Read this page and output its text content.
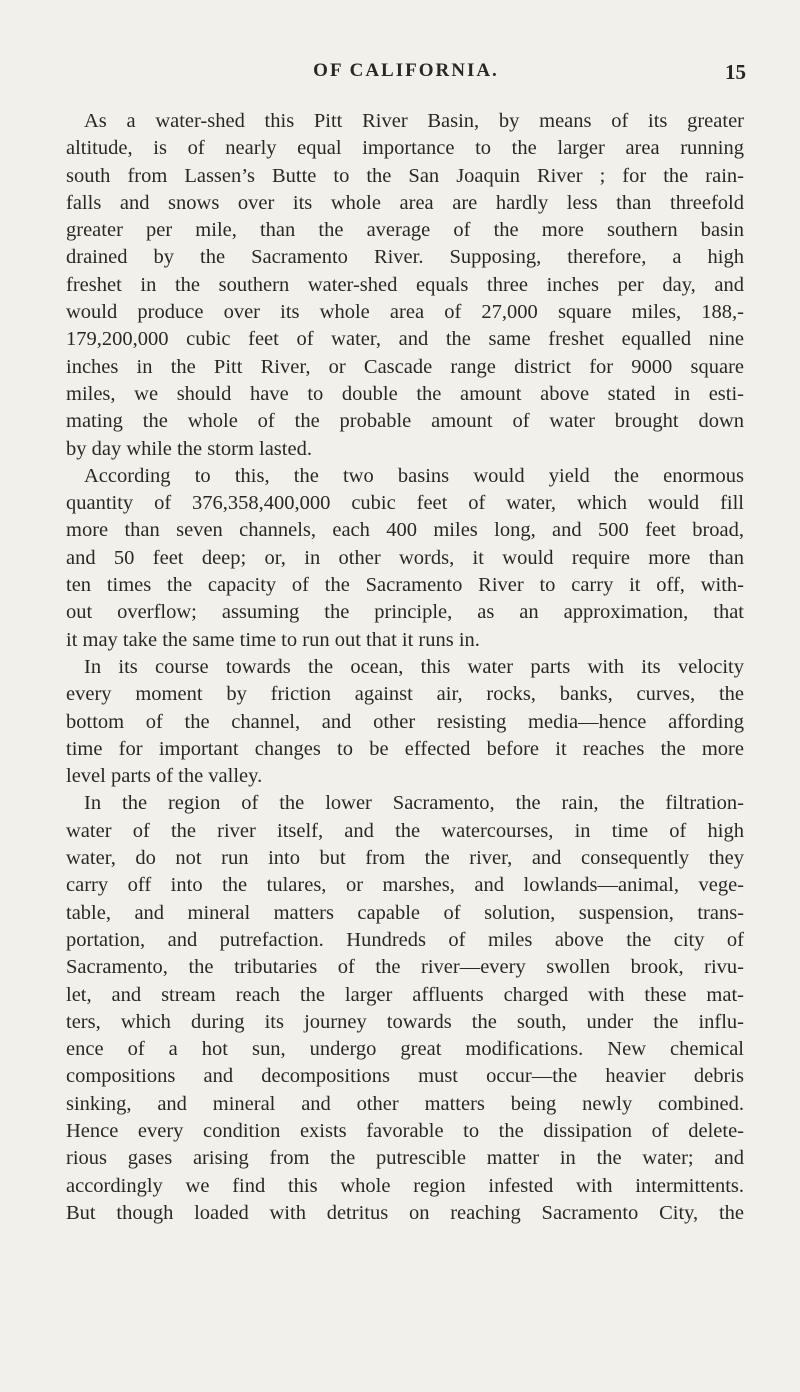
OF CALIFORNIA.	15
As a water-shed this Pitt River Basin, by means of its greater
altitude, is of nearly equal importance to the larger area running
south from Lassen’s Butte to the San Joaquin River ; for the rain-
falls and snows over its whole area are hardly less than threefold
greater per mile, than the average of the more southern basin
drained by the Sacramento River. Supposing, therefore, a high
freshet in the southern water-shed equals three inches per day, and
would produce over its whole area of 27,000 square miles, 188,-
179,200,000 cubic feet of water, and the same freshet equalled nine
inches in the Pitt River, or Cascade range district for 9000 square
miles, we should have to double the amount above stated in esti-
mating the whole of the probable amount of water brought down
by day while the storm lasted.
According to this, the two basins would yield the enormous
quantity of 376,358,400,000 cubic feet of water, which would fill
more than seven channels, each 400 miles long, and 500 feet broad,
and 50 feet deep; or, in other words, it would require more than
ten times the capacity of the Sacramento River to carry it off, with-
out overflow; assuming the principle, as an approximation, that
it may take the same time to run out that it runs in.
In its course towards the ocean, this water parts with its velocity
every moment by friction against air, rocks, banks, curves, the
bottom of the channel, and other resisting media—hence affording
time for important changes to be effected before it reaches the more
level parts of the valley.
In the region of the lower Sacramento, the rain, the filtration-
water of the river itself, and the watercourses, in time of high
water, do not run into but from the river, and consequently they
carry off into the tulares, or marshes, and lowlands—animal, vege-
table, and mineral matters capable of solution, suspension, trans-
portation, and putrefaction. Hundreds of miles above the city of
Sacramento, the tributaries of the river—every swollen brook, rivu-
let, and stream reach the larger affluents charged with these mat-
ters, which during its journey towards the south, under the influ-
ence of a hot sun, undergo great modifications. New chemical
compositions and decompositions must occur—the heavier debris
sinking, and mineral and other matters being newly combined.
Hence every condition exists favorable to the dissipation of delete-
rious gases arising from the putrescible matter in the water; and
accordingly we find this whole region infested with intermittents.
But though loaded with detritus on reaching Sacramento City, the
